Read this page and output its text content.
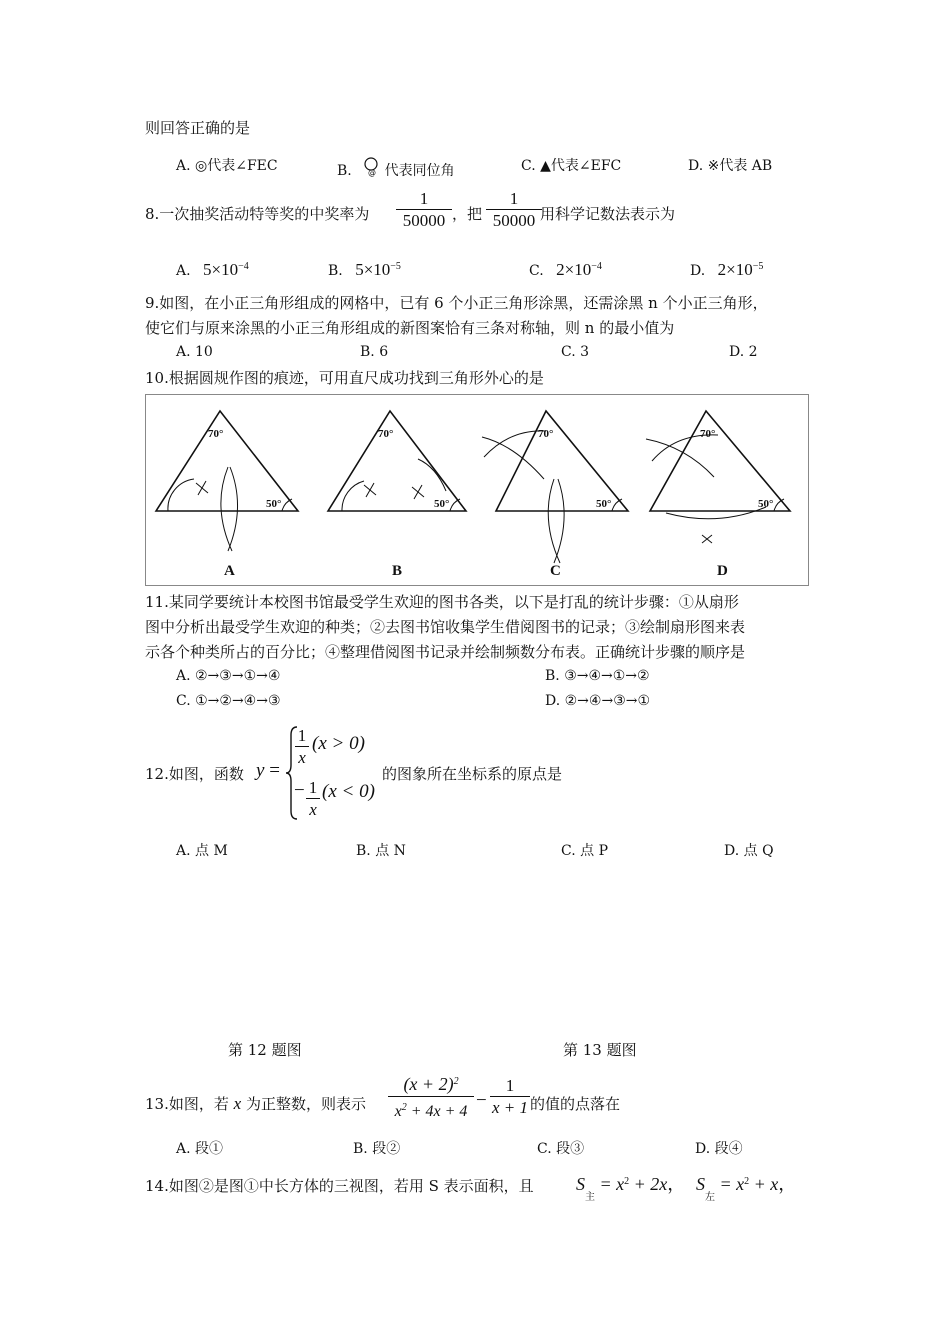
则回答正确的是
A. ◎代表∠FEC	B. @ 代表同位角	C. ▲代表∠EFC	D. ※代表 AB
8.一次抽奖活动特等奖的中奖率为
1
50000 ，把
1
50000 用科学记数法表示为
A. $5\times 10^{-4}$	B. $5\times 10^{-5}$	C. $2\times 10^{-4}$	D. $2\times 10^{-5}$
9.如图，在小正三角形组成的网格中，已有 6 个小正三角形涂黑，还需涂黑 n 个小正三角形，
使它们与原来涂黑的小正三角形组成的新图案恰有三条对称轴，则 n 的最小值为
A. 10	B. 6	C. 3	D. 2
10.根据圆规作图的痕迹，可用直尺成功找到三角形外心的是
70°
50°
70°
50°
70°
50°
70°
50°
A	B	C	D
11.某同学要统计本校图书馆最受学生欢迎的图书各类，以下是打乱的统计步骤：①从扇形
图中分析出最受学生欢迎的种类；②去图书馆收集学生借阅图书的记录；③绘制扇形图来表
示各个种类所占的百分比；④整理借阅图书记录并绘制频数分布表。正确统计步骤的顺序是
A. ②→③→①→④	B. ③→④→①→②
C. ①→②→④→③	D. ②→④→③→①
12.如图，函数 y =
1
x
(x > 0)
− 1
x
(x < 0)
的图象所在坐标系的原点是
A. 点 M	B. 点 N	C. 点 P	D. 点 Q
第 12 题图	第 13 题图
13.如图，若 x 为正整数，则表示
$(x + 2)^2$
$x^2 + 4x + 4$
−
1
x + 1 的值的点落在
A. 段①	B. 段②	C. 段③	D. 段④
14.如图②是图①中长方体的三视图，若用 S 表示面积，且 $S_主 = x^2 + 2x$， $S_左 = x^2 + x$，
